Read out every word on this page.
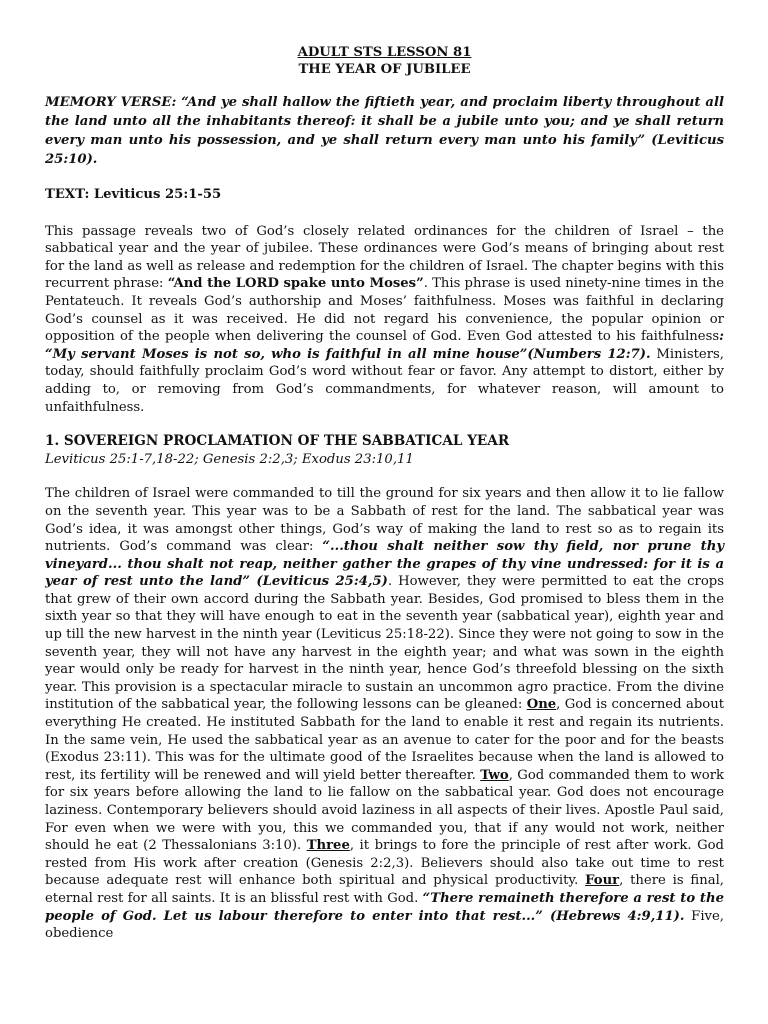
ADULT STS LESSON 81
THE YEAR OF JUBILEE

MEMORY VERSE: “And ye shall hallow the fiftieth year, and proclaim liberty throughout all the land unto all the inhabitants thereof: it shall be a jubile unto you; and ye shall return every man unto his possession, and ye shall return every man unto his family” (Leviticus 25:10).

TEXT: Leviticus 25:1-55

This passage reveals two of God’s closely related ordinances for the children of Israel – the sabbatical year and the year of jubilee. These ordinances were God’s means of bringing about rest for the land as well as release and redemption for the children of Israel. The chapter begins with this recurrent phrase: “And the LORD spake unto Moses”. This phrase is used ninety-nine times in the Pentateuch. It reveals God’s authorship and Moses’ faithfulness. Moses was faithful in declaring God’s counsel as it was received. He did not regard his convenience, the popular opinion or opposition of the people when delivering the counsel of God. Even God attested to his faithfulness: “My servant Moses is not so, who is faithful in all mine house”(Numbers 12:7). Ministers, today, should faithfully proclaim God’s word without fear or favor. Any attempt to distort, either by adding to, or removing from God’s commandments, for whatever reason, will amount to unfaithfulness.

1. SOVEREIGN PROCLAMATION OF THE SABBATICAL YEAR

Leviticus 25:1-7,18-22; Genesis 2:2,3; Exodus 23:10,11

The children of Israel were commanded to till the ground for six years and then allow it to lie fallow on the seventh year. This year was to be a Sabbath of rest for the land. The sabbatical year was God’s idea, it was amongst other things, God’s way of making the land to rest so as to regain its nutrients. God’s command was clear: “...thou shalt neither sow thy field, nor prune thy vineyard... thou shalt not reap, neither gather the grapes of thy vine undressed: for it is a year of rest unto the land” (Leviticus 25:4,5). However, they were permitted to eat the crops that grew of their own accord during the Sabbath year. Besides, God promised to bless them in the sixth year so that they will have enough to eat in the seventh year (sabbatical year), eighth year and up till the new harvest in the ninth year (Leviticus 25:18-22). Since they were not going to sow in the seventh year, they will not have any harvest in the eighth year; and what was sown in the eighth year would only be ready for harvest in the ninth year, hence God’s threefold blessing on the sixth year. This provision is a spectacular miracle to sustain an uncommon agro practice. From the divine institution of the sabbatical year, the following lessons can be gleaned: One, God is concerned about everything He created. He instituted Sabbath for the land to enable it rest and regain its nutrients. In the same vein, He used the sabbatical year as an avenue to cater for the poor and for the beasts (Exodus 23:11). This was for the ultimate good of the Israelites because when the land is allowed to rest, its fertility will be renewed and will yield better thereafter. Two, God commanded them to work for six years before allowing the land to lie fallow on the sabbatical year. God does not encourage laziness. Contemporary believers should avoid laziness in all aspects of their lives. Apostle Paul said, For even when we were with you, this we commanded you, that if any would not work, neither should he eat (2 Thessalonians 3:10). Three, it brings to fore the principle of rest after work. God rested from His work after creation (Genesis 2:2,3). Believers should also take out time to rest because adequate rest will enhance both spiritual and physical productivity. Four, there is final, eternal rest for all saints. It is an blissful rest with God. “There remaineth therefore a rest to the people of God. Let us labour therefore to enter into that rest...” (Hebrews 4:9,11). Five, obedience
